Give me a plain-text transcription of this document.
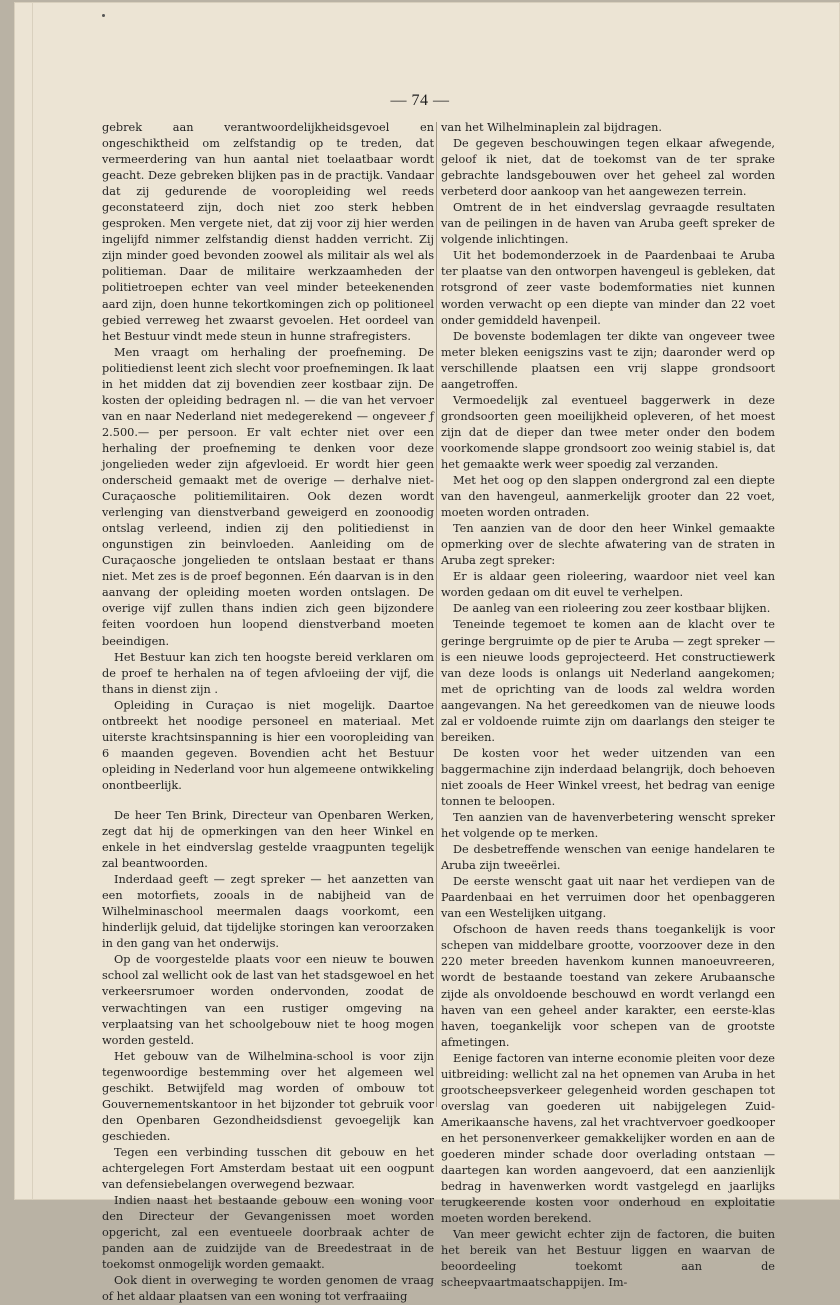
— 74 —

gebrek aan verantwoordelijkheidsgevoel en ongeschiktheid om zelfstandig op te treden, dat vermeerdering van hun aantal niet toelaatbaar wordt geacht. Deze gebreken blijken pas in de practijk. Vandaar dat zij gedurende de vooropleiding wel reeds geconstateerd zijn, doch niet zoo sterk hebben gesproken. Men vergete niet, dat zij voor zij hier werden ingelijfd nimmer zelfstandig dienst hadden verricht. Zij zijn minder goed bevonden zoowel als militair als wel als politieman. Daar de militaire werkzaamheden der politietroepen echter van veel minder beteekenenden aard zijn, doen hunne tekortkomingen zich op politioneel gebied verreweg het zwaarst gevoelen. Het oordeel van het Bestuur vindt mede steun in hunne strafregisters.

Men vraagt om herhaling der proefneming. De politiedienst leent zich slecht voor proefnemingen. Ik laat in het midden dat zij bovendien zeer kostbaar zijn. De kosten der opleiding bedragen nl. — die van het vervoer van en naar Nederland niet medegerekend — ongeveer ƒ 2.500.— per persoon. Er valt echter niet over een herhaling der proefneming te denken voor deze jongelieden weder zijn afgevloeid. Er wordt hier geen onderscheid gemaakt met de overige — derhalve niet-Curaçaosche politiemilitairen. Ook dezen wordt verlenging van dienstverband geweigerd en zoonoodig ontslag verleend, indien zij den politiedienst in ongunstigen zin beinvloeden. Aanleiding om de Curaçaosche jongelieden te ontslaan bestaat er thans niet. Met zes is de proef begonnen. Eén daarvan is in den aanvang der opleiding moeten worden ontslagen. De overige vijf zullen thans indien zich geen bijzondere feiten voordoen hun loopend dienstverband moeten beeindigen.

Het Bestuur kan zich ten hoogste bereid verklaren om de proef te herhalen na of tegen afvloeiing der vijf, die thans in dienst zijn .

Opleiding in Curaçao is niet mogelijk. Daartoe ontbreekt het noodige personeel en materiaal. Met uiterste krachtsinspanning is hier een vooropleiding van 6 maanden gegeven. Bovendien acht het Bestuur opleiding in Nederland voor hun algemeene ontwikkeling onontbeerlijk.

De heer Ten Brink, Directeur van Openbaren Werken, zegt dat hij de opmerkingen van den heer Winkel en enkele in het eindverslag gestelde vraagpunten tegelijk zal beantwoorden.

Inderdaad geeft — zegt spreker — het aanzetten van een motorfiets, zooals in de nabijheid van de Wilhelminaschool meermalen daags voorkomt, een hinderlijk geluid, dat tijdelijke storingen kan veroorzaken in den gang van het onderwijs.

Op de voorgestelde plaats voor een nieuw te bouwen school zal wellicht ook de last van het stadsgewoel en het verkeersrumoer worden ondervonden, zoodat de verwachtingen van een rustiger omgeving na verplaatsing van het schoolgebouw niet te hoog mogen worden gesteld.

Het gebouw van de Wilhelmina-school is voor zijn tegenwoordige bestemming over het algemeen wel geschikt. Betwijfeld mag worden of ombouw tot Gouvernementskantoor in het bijzonder tot gebruik voor den Openbaren Gezondheidsdienst gevoegelijk kan geschieden.

Tegen een verbinding tusschen dit gebouw en het achtergelegen Fort Amsterdam bestaat uit een oogpunt van defensiebelangen overwegend bezwaar.

Indien naast het bestaande gebouw een woning voor den Directeur der Gevangenissen moet worden opgericht, zal een eventueele doorbraak achter de panden aan de zuidzijde van de Breedestraat in de toekomst onmogelijk worden gemaakt.

Ook dient in overweging te worden genomen de vraag of het aldaar plaatsen van een woning tot verfraaiing

van het Wilhelminaplein zal bijdragen.

De gegeven beschouwingen tegen elkaar afwegende, geloof ik niet, dat de toekomst van de ter sprake gebrachte landsgebouwen over het geheel zal worden verbeterd door aankoop van het aangewezen terrein.

Omtrent de in het eindverslag gevraagde resultaten van de peilingen in de haven van Aruba geeft spreker de volgende inlichtingen.

Uit het bodemonderzoek in de Paardenbaai te Aruba ter plaatse van den ontworpen havengeul is gebleken, dat rotsgrond of zeer vaste bodemformaties niet kunnen worden verwacht op een diepte van minder dan 22 voet onder gemiddeld havenpeil.

De bovenste bodemlagen ter dikte van ongeveer twee meter bleken eenigszins vast te zijn; daaronder werd op verschillende plaatsen een vrij slappe grondsoort aangetroffen.

Vermoedelijk zal eventueel baggerwerk in deze grondsoorten geen moeilijkheid opleveren, of het moest zijn dat de dieper dan twee meter onder den bodem voorkomende slappe grondsoort zoo weinig stabiel is, dat het gemaakte werk weer spoedig zal verzanden.

Met het oog op den slappen ondergrond zal een diepte van den havengeul, aanmerkelijk grooter dan 22 voet, moeten worden ontraden.

Ten aanzien van de door den heer Winkel gemaakte opmerking over de slechte afwatering van de straten in Aruba zegt spreker:

Er is aldaar geen rioleering, waardoor niet veel kan worden gedaan om dit euvel te verhelpen.

De aanleg van een rioleering zou zeer kostbaar blijken.

Teneinde tegemoet te komen aan de klacht over te geringe bergruimte op de pier te Aruba — zegt spreker — is een nieuwe loods geprojecteerd. Het constructiewerk van deze loods is onlangs uit Nederland aangekomen; met de oprichting van de loods zal weldra worden aangevangen. Na het gereedkomen van de nieuwe loods zal er voldoende ruimte zijn om daarlangs den steiger te bereiken.

De kosten voor het weder uitzenden van een baggermachine zijn inderdaad belangrijk, doch behoeven niet zooals de Heer Winkel vreest, het bedrag van eenige tonnen te beloopen.

Ten aanzien van de havenverbetering wenscht spreker het volgende op te merken.

De desbetreffende wenschen van eenige handelaren te Aruba zijn tweeërlei.

De eerste wenscht gaat uit naar het verdiepen van de Paardenbaai en het verruimen door het openbaggeren van een Westelijken uitgang.

Ofschoon de haven reeds thans toegankelijk is voor schepen van middelbare grootte, voorzoover deze in den 220 meter breeden havenkom kunnen manoeuvreeren, wordt de bestaande toestand van zekere Arubaansche zijde als onvoldoende beschouwd en wordt verlangd een haven van een geheel ander karakter, een eerste-klas haven, toegankelijk voor schepen van de grootste afmetingen.

Eenige factoren van interne economie pleiten voor deze uitbreiding: wellicht zal na het opnemen van Aruba in het grootscheepsverkeer gelegenheid worden geschapen tot overslag van goederen uit nabijgelegen Zuid-Amerikaansche havens, zal het vrachtvervoer goedkooper en het personenverkeer gemakkelijker worden en aan de goederen minder schade door overlading ontstaan — daartegen kan worden aangevoerd, dat een aanzienlijk bedrag in havenwerken wordt vastgelegd en jaarlijks terugkeerende kosten voor onderhoud en exploitatie moeten worden berekend.

Van meer gewicht echter zijn de factoren, die buiten het bereik van het Bestuur liggen en waarvan de beoordeeling toekomt aan de scheepvaartmaatschappijen. Im-
